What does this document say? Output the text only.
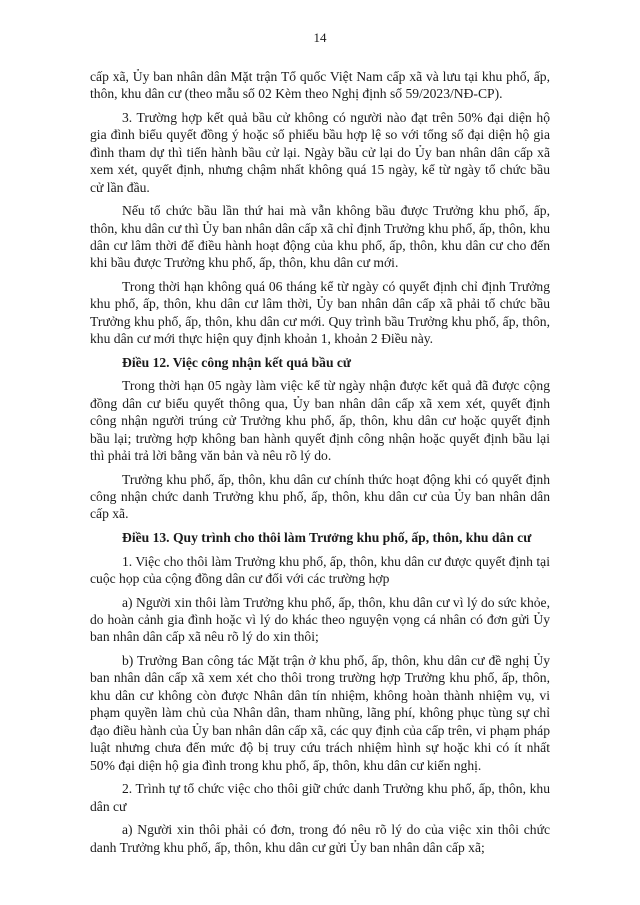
14

cấp xã, Ủy ban nhân dân Mặt trận Tổ quốc Việt Nam cấp xã và lưu tại khu phố, ấp, thôn, khu dân cư (theo mẫu số 02 Kèm theo Nghị định số 59/2023/NĐ-CP).

3. Trường hợp kết quả bầu cử không có người nào đạt trên 50% đại diện hộ gia đình biểu quyết đồng ý hoặc số phiếu bầu hợp lệ so với tổng số đại diện hộ gia đình tham dự thì tiến hành bầu cử lại. Ngày bầu cử lại do Ủy ban nhân dân cấp xã xem xét, quyết định, nhưng chậm nhất không quá 15 ngày, kể từ ngày tổ chức bầu cử lần đầu.

Nếu tổ chức bầu lần thứ hai mà vẫn không bầu được Trưởng khu phố, ấp, thôn, khu dân cư thì Ủy ban nhân dân cấp xã chỉ định Trưởng khu phố, ấp, thôn, khu dân cư lâm thời để điều hành hoạt động của khu phố, ấp, thôn, khu dân cư cho đến khi bầu được Trưởng khu phố, ấp, thôn, khu dân cư mới.

Trong thời hạn không quá 06 tháng kể từ ngày có quyết định chỉ định Trưởng khu phố, ấp, thôn, khu dân cư lâm thời, Ủy ban nhân dân cấp xã phải tổ chức bầu Trưởng khu phố, ấp, thôn, khu dân cư mới. Quy trình bầu Trưởng khu phố, ấp, thôn, khu dân cư mới thực hiện quy định khoản 1, khoản 2 Điều này.

Điều 12. Việc công nhận kết quả bầu cử

Trong thời hạn 05 ngày làm việc kể từ ngày nhận được kết quả đã được cộng đồng dân cư biểu quyết thông qua, Ủy ban nhân dân cấp xã xem xét, quyết định công nhận người trúng cử Trưởng khu phố, ấp, thôn, khu dân cư hoặc quyết định bầu lại; trường hợp không ban hành quyết định công nhận hoặc quyết định bầu lại thì phải trả lời bằng văn bản và nêu rõ lý do.

Trưởng khu phố, ấp, thôn, khu dân cư chính thức hoạt động khi có quyết định công nhận chức danh Trưởng khu phố, ấp, thôn, khu dân cư của Ủy ban nhân dân cấp xã.

Điều 13. Quy trình cho thôi làm Trưởng khu phố, ấp, thôn, khu dân cư

1. Việc cho thôi làm Trưởng khu phố, ấp, thôn, khu dân cư được quyết định tại cuộc họp của cộng đồng dân cư đối với các trường hợp

a) Người xin thôi làm Trưởng khu phố, ấp, thôn, khu dân cư vì lý do sức khỏe, do hoàn cảnh gia đình hoặc vì lý do khác theo nguyện vọng cá nhân có đơn gửi Ủy ban nhân dân cấp xã nêu rõ lý do xin thôi;

b) Trưởng Ban công tác Mặt trận ở khu phố, ấp, thôn, khu dân cư đề nghị Ủy ban nhân dân cấp xã xem xét cho thôi trong trường hợp Trưởng khu phố, ấp, thôn, khu dân cư không còn được Nhân dân tín nhiệm, không hoàn thành nhiệm vụ, vi phạm quyền làm chủ của Nhân dân, tham nhũng, lãng phí, không phục tùng sự chỉ đạo điều hành của Ủy ban nhân dân cấp xã, các quy định của cấp trên, vi phạm pháp luật nhưng chưa đến mức độ bị truy cứu trách nhiệm hình sự hoặc khi có ít nhất 50% đại diện hộ gia đình trong khu phố, ấp, thôn, khu dân cư kiến nghị.

2. Trình tự tổ chức việc cho thôi giữ chức danh Trưởng khu phố, ấp, thôn, khu dân cư

a) Người xin thôi phải có đơn, trong đó nêu rõ lý do của việc xin thôi chức danh Trưởng khu phố, ấp, thôn, khu dân cư gửi Ủy ban nhân dân cấp xã;
